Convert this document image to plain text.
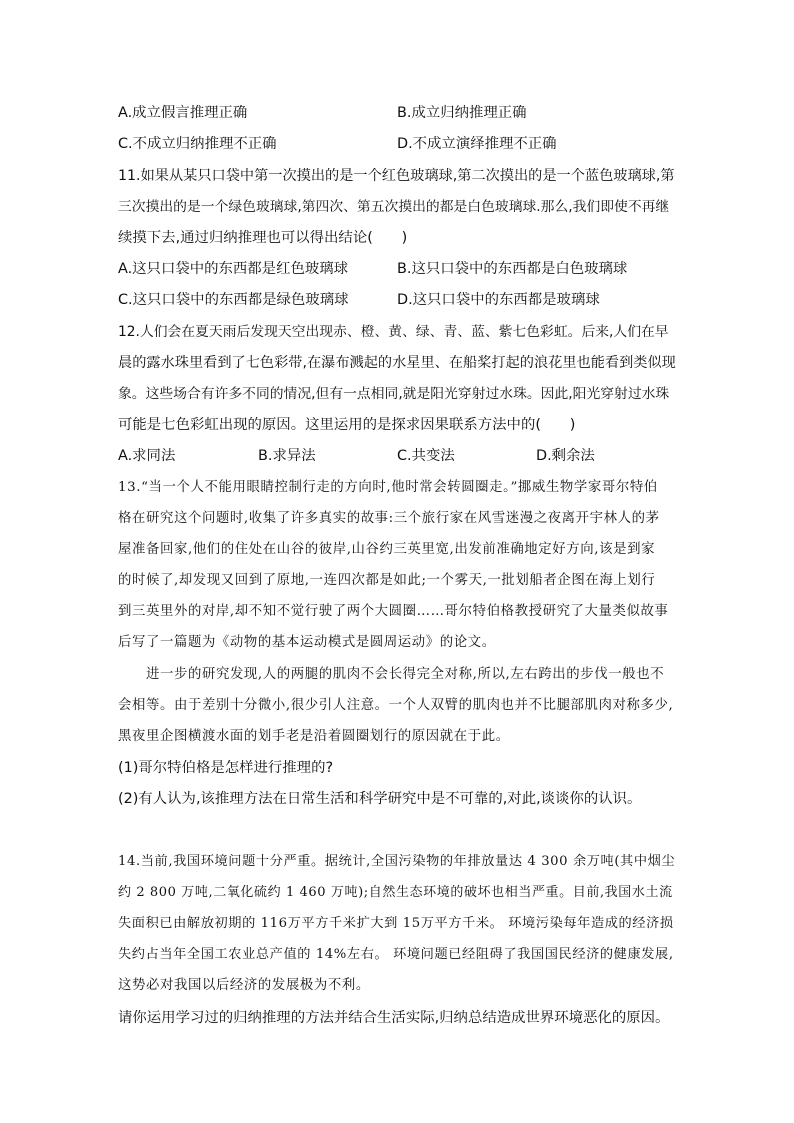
A.成立假言推理正确	B.成立归纳推理正确
C.不成立归纳推理不正确	D.不成立演绎推理不正确
11.如果从某只口袋中第一次摸出的是一个红色玻璃球,第二次摸出的是一个蓝色玻璃球,第
三次摸出的是一个绿色玻璃球,第四次、第五次摸出的都是白色玻璃球.那么,我们即使不再继
续摸下去,通过归纳推理也可以得出结论(　　)
A.这只口袋中的东西都是红色玻璃球	B.这只口袋中的东西都是白色玻璃球
C.这只口袋中的东西都是绿色玻璃球	D.这只口袋中的东西都是玻璃球
12.人们会在夏天雨后发现天空出现赤、橙、黄、绿、青、蓝、紫七色彩虹。后来,人们在早
晨的露水珠里看到了七色彩带,在瀑布溅起的水星里、在船桨打起的浪花里也能看到类似现
象。这些场合有许多不同的情况,但有一点相同,就是阳光穿射过水珠。因此,阳光穿射过水珠
可能是七色彩虹出现的原因。这里运用的是探求因果联系方法中的(　　)
A.求同法	B.求异法	C.共变法	D.剩余法
13.“当一个人不能用眼睛控制行走的方向时,他时常会转圆圈走。”挪威生物学家哥尔特伯
格在研究这个问题时,收集了许多真实的故事:三个旅行家在风雪迷漫之夜离开宇林人的茅
屋准备回家,他们的住处在山谷的彼岸,山谷约三英里宽,出发前准确地定好方向,该是到家
的时候了,却发现又回到了原地,一连四次都是如此;一个雾天,一批划船者企图在海上划行
到三英里外的对岸,却不知不觉行驶了两个大圆圈……哥尔特伯格教授研究了大量类似故事
后写了一篇题为《动物的基本运动模式是圆周运动》的论文。
进一步的研究发现,人的两腿的肌肉不会长得完全对称,所以,左右跨出的步伐一般也不
会相等。由于差别十分微小,很少引人注意。一个人双臂的肌肉也并不比腿部肌肉对称多少,
黑夜里企图横渡水面的划手老是沿着圆圈划行的原因就在于此。
(1)哥尔特伯格是怎样进行推理的?
(2)有人认为,该推理方法在日常生活和科学研究中是不可靠的,对此,谈谈你的认识。
14.当前,我国环境问题十分严重。据统计,全国污染物的年排放量达 4 300 余万吨(其中烟尘
约 2 800 万吨,二氧化硫约 1 460 万吨);自然生态环境的破坏也相当严重。目前,我国水土流
失面积已由解放初期的 116万平方千米扩大到 15万平方千米。 环境污染每年造成的经济损
失约占当年全国工农业总产值的 14%左右。 环境问题已经阻碍了我国国民经济的健康发展,
这势必对我国以后经济的发展极为不利。
请你运用学习过的归纳推理的方法并结合生活实际,归纳总结造成世界环境恶化的原因。
